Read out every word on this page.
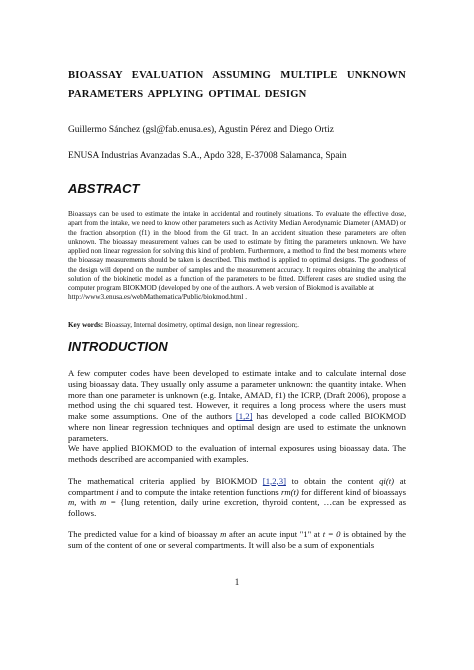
BIOASSAY EVALUATION ASSUMING MULTIPLE UNKNOWN PARAMETERS APPLYING OPTIMAL DESIGN
Guillermo Sánchez (gsl@fab.enusa.es), Agustin Pérez and Diego Ortiz
ENUSA Industrias Avanzadas S.A., Apdo 328, E-37008 Salamanca, Spain
ABSTRACT

Bioassays can be used to estimate the intake in accidental and routinely situations. To evaluate the effective dose, apart from the intake, we need to know other parameters such as Activity Median Aerodynamic Diameter (AMAD) or the fraction absorption (f1) in the blood from the GI tract. In an accident situation these parameters are often unknown. The bioassay measurement values can be used to estimate by fitting the parameters unknown. We have applied non linear regression for solving this kind of problem. Furthermore, a method to find the best moments where the bioassay measurements should be taken is described. This method is applied to optimal designs. The goodness of the design will depend on the number of samples and the measurement accuracy. It requires obtaining the analytical solution of the biokinetic model as a function of the parameters to be fitted. Different cases are studied using the computer program BIOKMOD (developed by one of the authors. A web version of Biokmod is available at

http://www3.enusa.es/webMathematica/Public/biokmod.html .

Key words: Bioassay, Internal dosimetry, optimal design, non linear regression;.
INTRODUCTION

A few computer codes have been developed to estimate intake and to calculate internal dose using bioassay data. They usually only assume a parameter unknown: the quantity intake. When more than one parameter is unknown (e.g. Intake, AMAD, f1) the ICRP, (Draft 2006), propose a method using the chi squared test. However, it requires a long process where the users must make some assumptions. One of the authors [1,2] has developed a code called BIOKMOD where non linear regression techniques and optimal design are used to estimate the unknown parameters.

We have applied BIOKMOD to the evaluation of internal exposures using bioassay data. The methods described are accompanied with examples.

The mathematical criteria applied by BIOKMOD [1,2,3] to obtain the content qi(t) at compartment i and to compute the intake retention functions rm(t) for different kind of bioassays m, with m = {lung retention, daily urine excretion, thyroid content, …can be expressed as follows.

The predicted value for a kind of bioassay m after an acute input "1" at t = 0 is obtained by the sum of the content of one or several compartments. It will also be a sum of exponentials

1
